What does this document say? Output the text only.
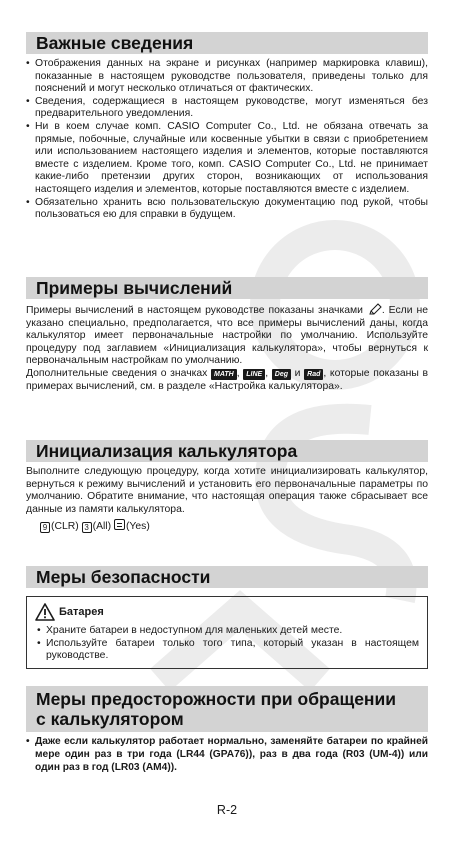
Важные сведения
• Отображения данных на экране и рисунках (например маркировка клавиш), показанные в настоящем руководстве пользователя, приведены только для пояснений и могут несколько отличаться от фактических.
• Сведения, содержащиеся в настоящем руководстве, могут изменяться без предварительного уведомления.
• Ни в коем случае комп. CASIO Computer Co., Ltd. не обязана отвечать за прямые, побочные, случайные или косвенные убытки в связи с приобретением или использованием настоящего изделия и элементов, которые поставляются вместе с изделием. Кроме того, комп. CASIO Computer Co., Ltd. не принимает какие-либо претензии других сторон, возникающих от использования настоящего изделия и элементов, которые поставляются вместе с изделием.
• Обязательно хранить всю пользовательскую документацию под рукой, чтобы пользоваться ею для справки в будущем.
Примеры вычислений

Примеры вычислений в настоящем руководстве показаны значками . Если не указано специально, предполагается, что все примеры вычислений даны, когда калькулятор имеет первоначальные настройки по умолчанию. Используйте процедуру под заглавием «Инициализация калькулятора», чтобы вернуться к первоначальным настройкам по умолчанию.

Дополнительные сведения о значках MATH , LINE , Deg и Rad , которые показаны в примерах вычислений, см. в разделе «Настройка калькулятора».

Инициализация калькулятора

Выполните следующую процедуру, когда хотите инициализировать калькулятор, вернуться к режиму вычислений и установить его первоначальные параметры по умолчанию. Обратите внимание, что настоящая операция также сбрасывает все данные из памяти калькулятора.

9 (CLR) 3 (All) (Yes)
Меры безопасности
Батарея
• Храните батареи в недоступном для маленьких детей месте.
• Используйте батареи только того типа, который указан в настоящем руководстве.
Меры предосторожности при обращении
с калькулятором
• Даже если калькулятор работает нормально, заменяйте батареи по крайней мере один раз в три года (LR44 (GPA76)), раз в два года (R03 (UM-4)) или один раз в год (LR03 (AM4)).
R-2
